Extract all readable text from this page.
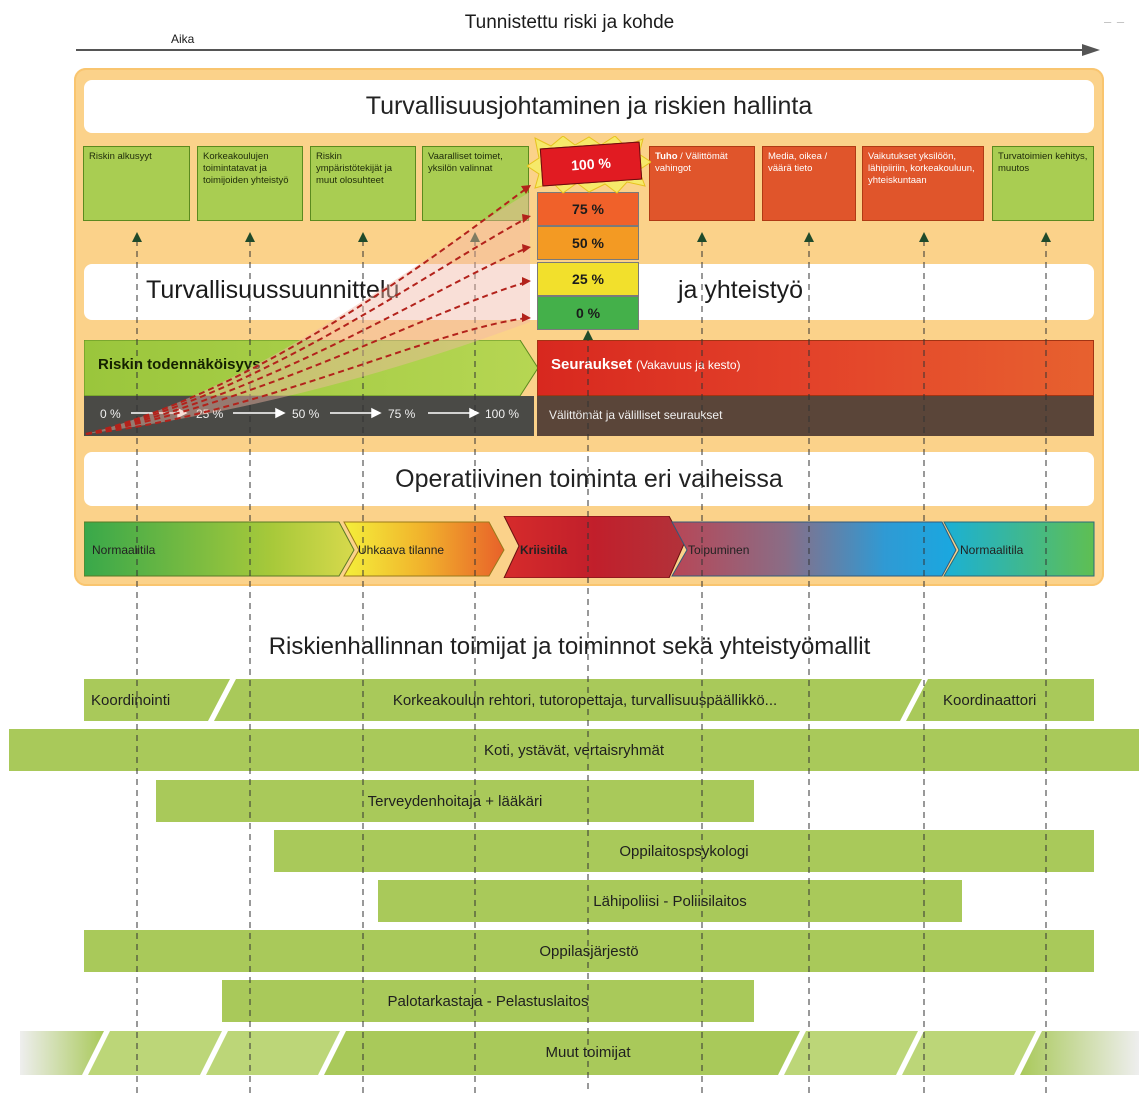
Tunnistettu riski ja kohde
Aika
– –
Turvallisuusjohtaminen ja riskien hallinta
Riskin alkusyyt	Korkeakoulujen toimintatavat ja toimijoiden yhteistyö
Riskin ympäristötekijät ja muut olosuhteet
Vaaralliset toimet, yksilön valinnat
Tuho / Välittömät vahingot
Media, oikea / väärä tieto
Vaikutukset yksilöön, lähipiiriin, korkeakouluun, yhteiskuntaan
Turvatoimien kehitys, muutos
Turvallisuussuunnittelu	ja yhteistyö
75 %
50 %
25 %
0 %
100 %
Riskin todennäköisyys
0 %	25 %	50 %	75 %	100 %
Seuraukset (Vakavuus ja kesto)
Välittömät ja välilliset seuraukset
Operatiivinen toiminta eri vaiheissa
Normaalitila	Uhkaava tilanne	Kriisitila	Toipuminen	Normaalitila
Riskienhallinnan toimijat ja toiminnot sekä yhteistyömallit
Koordinointi	Korkeakoulun rehtori, tutoropettaja, turvallisuuspäällikkö...	Koordinaattori
Koti, ystävät, vertaisryhmät
Terveydenhoitaja + lääkäri
Oppilaitospsykologi
Lähipoliisi - Poliisilaitos
Oppilasjärjestö
Palotarkastaja - Pelastuslaitos
Muut toimijat
